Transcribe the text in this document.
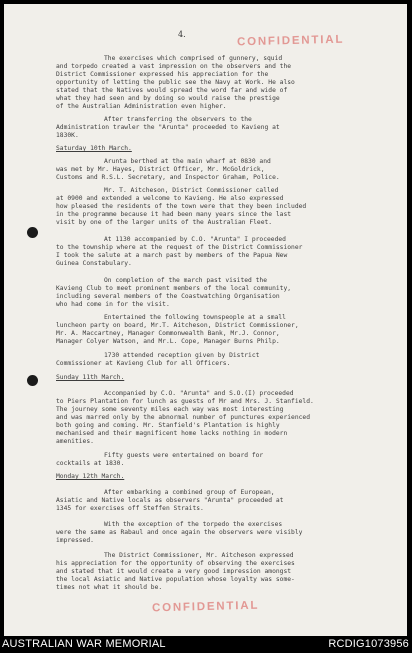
4.	CONFIDENTIAL

The exercises which comprised of gunnery, squid

and torpedo created a vast impression on the observers and the

District Commissioner expressed his appreciation for the

opportunity of letting the public see the Navy at Work. He also

stated that the Natives would spread the word far and wide of

what they had seen and by doing so would raise the prestige

of the Australian Administration even higher.

After transferring the observers to the

Administration trawler the "Arunta" proceeded to Kavieng at

1830K.

Saturday 10th March.

Arunta berthed at the main wharf at 0830 and

was met by Mr. Hayes, District Officer, Mr. McGoldrick,

Customs and R.S.L. Secretary, and Inspector Graham, Police.

Mr. T. Aitcheson, District Commissioner called

at 0900 and extended a welcome to Kavieng. He also expressed

how pleased the residents of the town were that they been included

in the programme because it had been many years since the last

visit by one of the larger units of the Australian Fleet.

At 1130 accompanied by C.O. "Arunta" I proceeded

to the township where at the request of the District Commissioner

I took the salute at a march past by members of the Papua New

Guinea Constabulary.

On completion of the march past visited the

Kavieng Club to meet prominent members of the local community,

including several members of the Coastwatching Organisation

who had come in for the visit.

Entertained the following townspeople at a small

luncheon party on board, Mr.T. Aitcheson, District Commissioner,

Mr. A. Maccartney, Manager Commonwealth Bank, Mr.J. Connor,

Manager Colyer Watson, and Mr.L. Cope, Manager Burns Philp.

1730 attended reception given by District

Commissioner at Kavieng Club for all Officers.

Sunday 11th March.

Accompanied by C.O. "Arunta" and S.O.(I) proceeded

to Piers Plantation for lunch as guests of Mr and Mrs. J. Stanfield.

The journey some seventy miles each way was most interesting

and was marred only by the abnormal number of punctures experienced

both going and coming. Mr. Stanfield's Plantation is highly

mechanised and their magnificent home lacks nothing in modern

amenities.

Fifty guests were entertained on board for

cocktails at 1830.

Monday 12th March.

After embarking a combined group of European,

Asiatic and Native locals as observers "Arunta" proceeded at

1345 for exercises off Steffen Straits.

With the exception of the torpedo the exercises

were the same as Rabaul and once again the observers were visibly

impressed.

The District Commissioner, Mr. Aitcheson expressed

his appreciation for the opportunity of observing the exercises

and stated that it would create a very good impression amongst

the local Asiatic and Native population whose loyalty was some-

times not what it should be.

CONFIDENTIAL
AUSTRALIAN WAR MEMORIAL	RCDIG1073956
